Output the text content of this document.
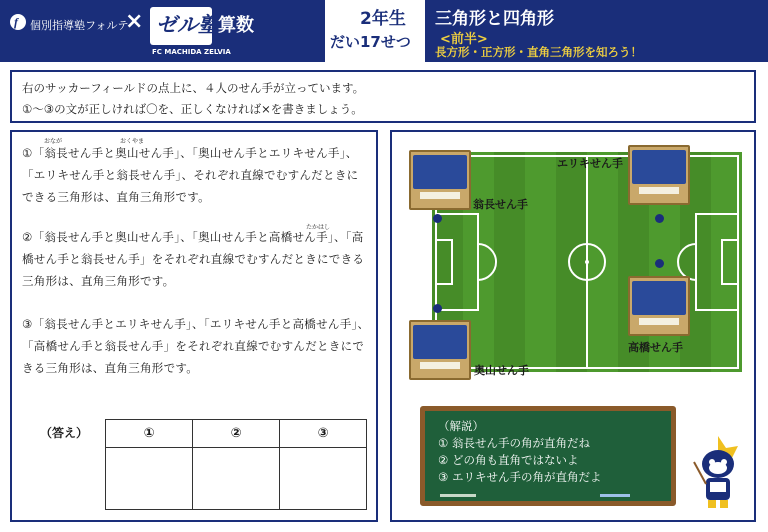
f 個別指導塾フォルテ
× ゼル塾
FC MACHIDA ZELVIA
算数	2年生
だい17せつ
三角形と四角形
<前半>
長方形・正方形・直角三角形を知ろう！
右のサッカーフィールドの点上に、４人のせん手が立っています。
①～③の文が正しければ〇を、正しくなければ×を書きましょう。
おなが	おくやま
①「翁長せん手と奥山せん手」、「奥山せん手とエリキせん手」、「エリキせん手と翁長せん手」、それぞれ直線でむすんだときにできる三角形は、直角三角形です。
たかはし
②「翁長せん手と奥山せん手」、「奥山せん手と高橋せん手」、「高橋せん手と翁長せん手」をそれぞれ直線でむすんだときにできる三角形は、直角三角形です。
③「翁長せん手とエリキせん手」、「エリキせん手と高橋せん手」、「高橋せん手と翁長せん手」をそれぞれ直線でむすんだときにできる三角形は、直角三角形です。
（答え）	①	②	③

翁長せん手
エリキせん手
高橋せん手
奥山せん手
（解説）
① 翁長せん手の角が直角だね
② どの角も直角ではないよ
③ エリキせん手の角が直角だよ
